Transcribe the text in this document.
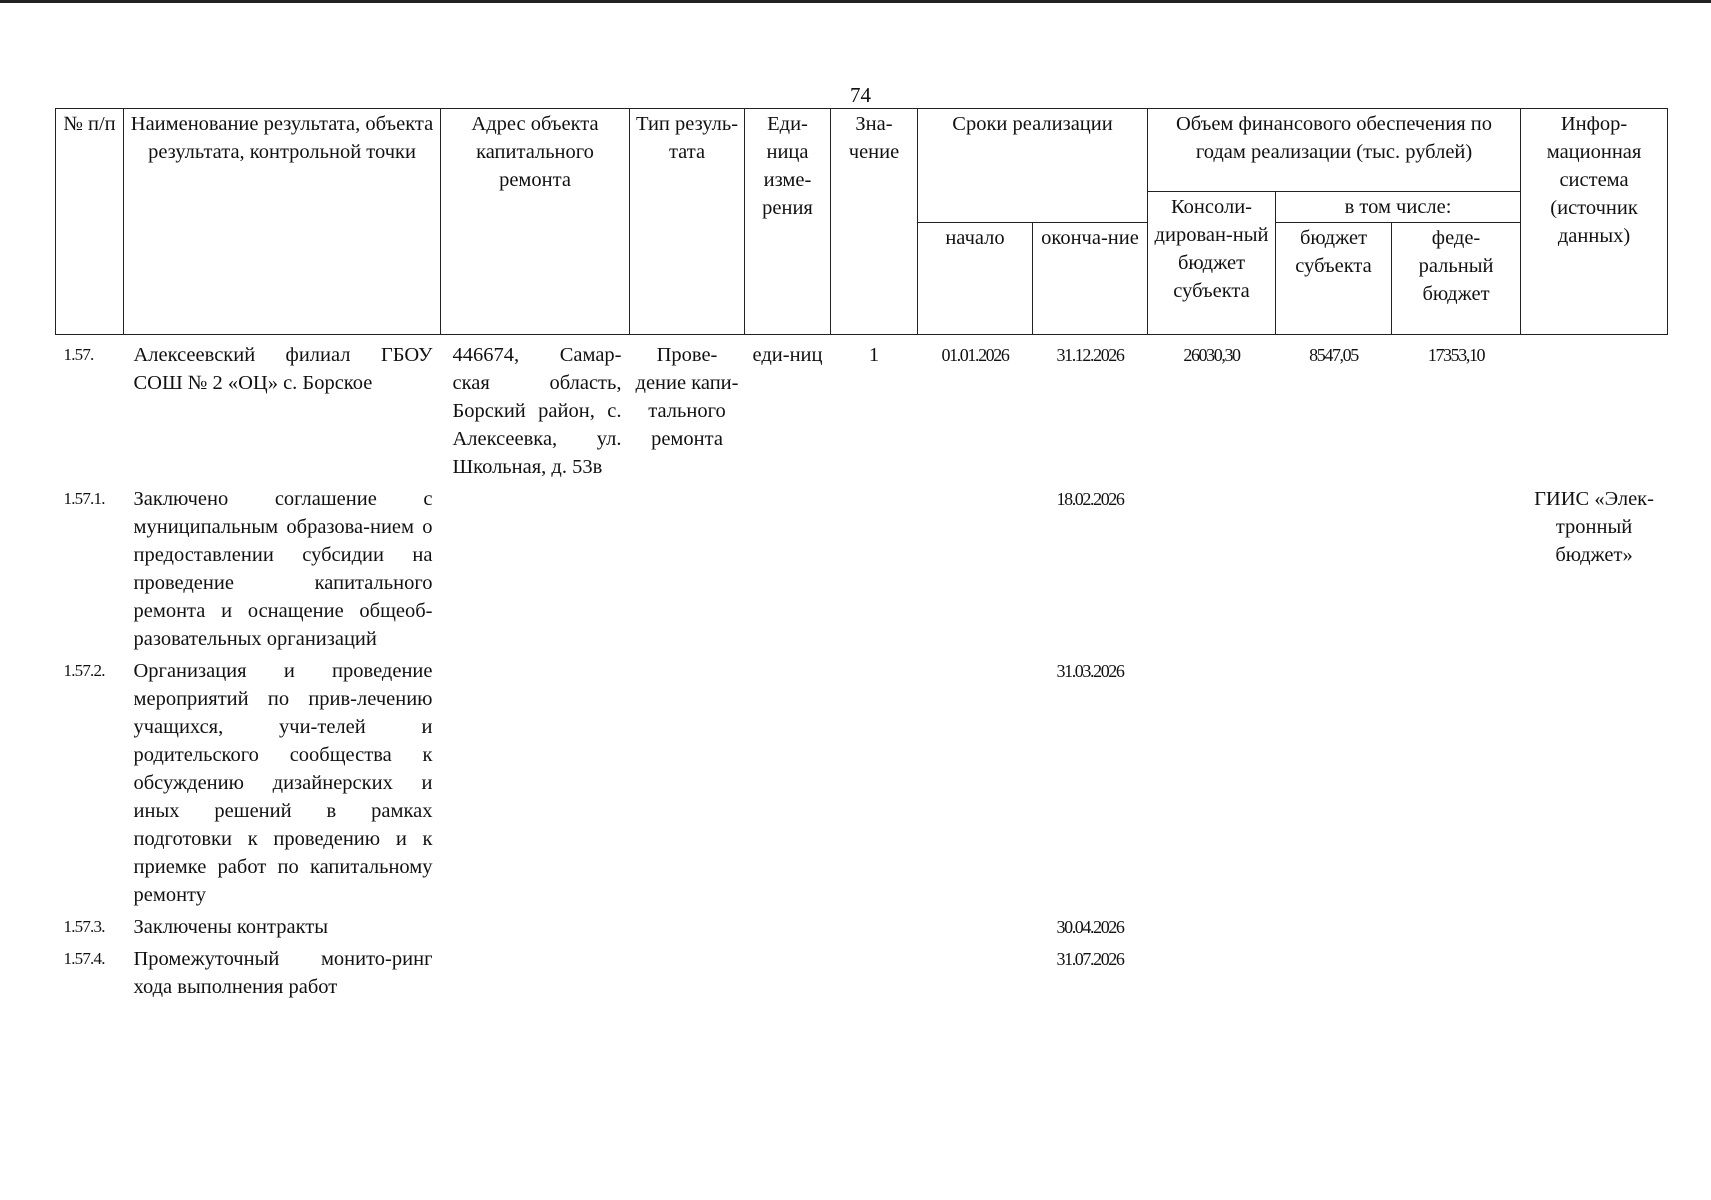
74
№ п/п	Наименование результата, объекта результата, контрольной точки	Адрес объекта капитального ремонта	Тип резуль-тата	Еди-ница изме-рения	Зна-чение	Сроки реализации		Объем финансового обеспечения по годам реализации (тыс. рублей)			Инфор-мационная система (источник данных)
								Консоли-дирован-ный бюджет субъекта	в том числе:		
						начало	оконча-ние		бюджет субъекта	феде-ральный бюджет	
1.57.	Алексеевский филиал ГБОУ СОШ № 2 «ОЦ» с. Борское	446674, Самар-ская область, Борский район, с. Алексеевка, ул. Школьная, д. 53в	Прове-дение капи-тального ремонта	еди-ниц	1	01.01.2026	31.12.2026	26030,30	8547,05	17353,10	
1.57.1.	Заключено соглашение с муниципальным образова-нием о предоставлении субсидии на проведение капитального ремонта и оснащение общеоб-разовательных организаций						18.02.2026				ГИИС «Элек-тронный бюджет»
1.57.2.	Организация и проведение мероприятий по прив-лечению учащихся, учи-телей и родительского сообщества к обсуждению дизайнерских и иных решений в рамках подготовки к проведению и к приемке работ по капитальному ремонту						31.03.2026				
1.57.3.	Заключены контракты						30.04.2026				
1.57.4.	Промежуточный монито-ринг хода выполнения работ						31.07.2026				
